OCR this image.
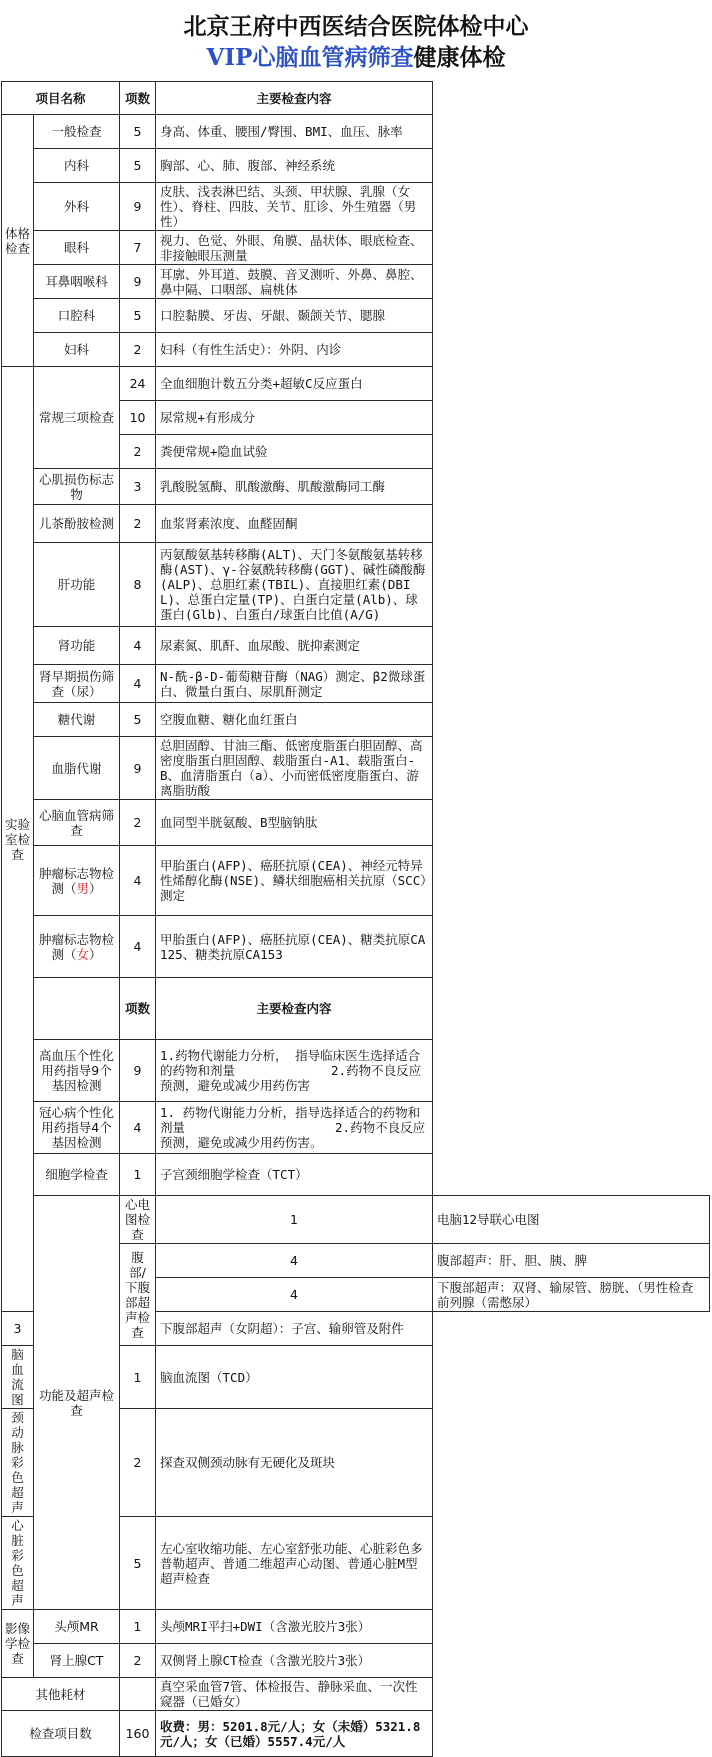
北京王府中西医结合医院体检中心
VIP心脑血管病筛查健康体检
项目名称		项数	主要检查内容	
体格检查	一般检查	5	身高、体重、腰围/臀围、BMI、血压、脉率	
	内科	5	胸部、心、肺、腹部、神经系统	
	外科	9	皮肤、浅表淋巴结、头颈、甲状腺、乳腺（女性）、脊柱、四肢、关节、肛诊、外生殖器（男性）	
	眼科	7	视力、色觉、外眼、角膜、晶状体、眼底检查、非接触眼压测量	
	耳鼻咽喉科	9	耳廓、外耳道、鼓膜、音叉测听、外鼻、鼻腔、鼻中隔、口咽部、扁桃体	
	口腔科	5	口腔黏膜、牙齿、牙龈、颞颌关节、腮腺	
	妇科	2	妇科（有性生活史）：外阴、内诊	
实验室检查	常规三项检查	24	全血细胞计数五分类+超敏C反应蛋白	
		10	尿常规+有形成分	
		2	粪便常规+隐血试验	
	心肌损伤标志物	3	乳酸脱氢酶、肌酸激酶、肌酸激酶同工酶	
	儿茶酚胺检测	2	血浆肾素浓度、血醛固酮	
	肝功能	8	丙氨酸氨基转移酶(ALT)、天门冬氨酸氨基转移酶(AST)、γ-谷氨酰转移酶(GGT)、碱性磷酸酶(ALP)、总胆红素(TBIL)、直接胆红素(DBIL)、总蛋白定量(TP)、白蛋白定量(Alb)、球蛋白(Glb)、白蛋白/球蛋白比值(A/G)	
	肾功能	4	尿素氮、肌酐、血尿酸、胱抑素测定	
	肾早期损伤筛查（尿）	4	N-酰-β-D-葡萄糖苷酶（NAG）测定、β2微球蛋白、微量白蛋白、尿肌酐测定	
	糖代谢	5	空腹血糖、糖化血红蛋白	
	血脂代谢	9	总胆固醇、甘油三酯、低密度脂蛋白胆固醇、高密度脂蛋白胆固醇、载脂蛋白-A1、载脂蛋白-B、血清脂蛋白（a）、小而密低密度脂蛋白、游离脂肪酸	
	心脑血管病筛查	2	血同型半胱氨酸、B型脑钠肽	
	肿瘤标志物检测（男）	4	甲胎蛋白(AFP)、癌胚抗原(CEA)、神经元特异性烯醇化酶(NSE)、鳞状细胞癌相关抗原（SCC）测定	
	肿瘤标志物检测（女）	4	甲胎蛋白(AFP)、癌胚抗原(CEA)、糖类抗原CA125、糖类抗原CA153	
		项数	主要检查内容	
	高血压个性化用药指导9个基因检测	9	1.药物代谢能力分析， 指导临床医生选择适合的药物和剂量 2.药物不良反应预测，避免或减少用药伤害	
	冠心病个性化用药指导4个基因检测	4	1. 药物代谢能力分析，指导选择适合的药物和剂量 2.药物不良反应预测，避免或减少用药伤害。	
	细胞学检查	1	子宫颈细胞学检查（TCT）	
	功能及超声检查	心电图检查	1	电脑12导联心电图
		腹部/下腹部超声检查	4	腹部超声：肝、胆、胰、脾
			4	下腹部超声：双肾、输尿管、膀胱、（男性检查前列腺（需憋尿）
3			下腹部超声（女阴超）：子宫、输卵管及附件	
脑血流图		1	脑血流图（TCD）	
颈动脉彩色超声		2	探查双侧颈动脉有无硬化及斑块	
心脏彩色超声		5	左心室收缩功能、左心室舒张功能、心脏彩色多普勒超声、普通二维超声心动图、普通心脏M型超声检查	
影像学检查	头颅MR	1	头颅MRI平扫+DWI（含激光胶片3张）	
	肾上腺CT	2	双侧肾上腺CT检查（含激光胶片3张）	
其他耗材			真空采血管7管、体检报告、静脉采血、一次性窥器（已婚女）	
检查项目数		160	收费：男：5201.8元/人；女（未婚）5321.8元/人；女（已婚）5557.4元/人	
